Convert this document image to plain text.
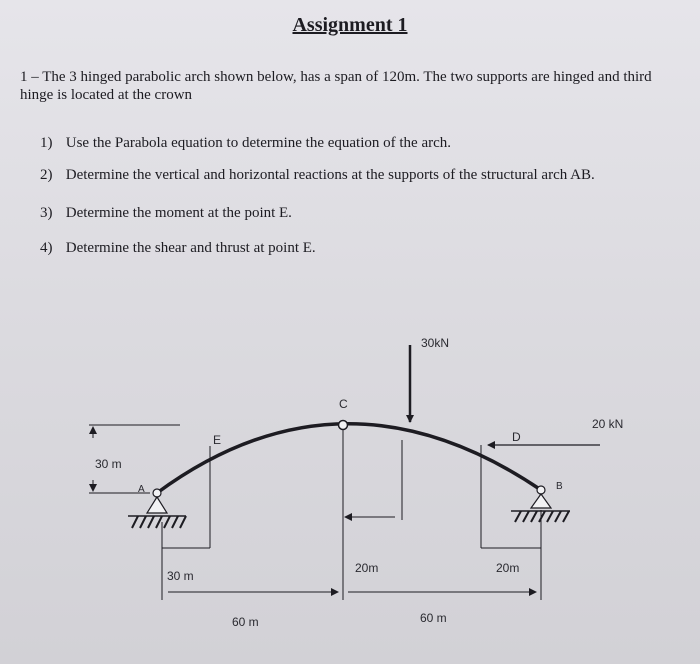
Assignment 1
1 – The 3 hinged parabolic arch shown below, has a span of 120m. The two supports are hinged and third hinge is located at the crown
1) Use the Parabola equation to determine the equation of the arch.
2) Determine the vertical and horizontal reactions at the supports of the structural arch AB.
3) Determine the moment at the point E.
4) Determine the shear and thrust at point E.
30kN
20 kN
C
E	D
A	B
30 m
30 m
20m	20m
60 m	60 m
